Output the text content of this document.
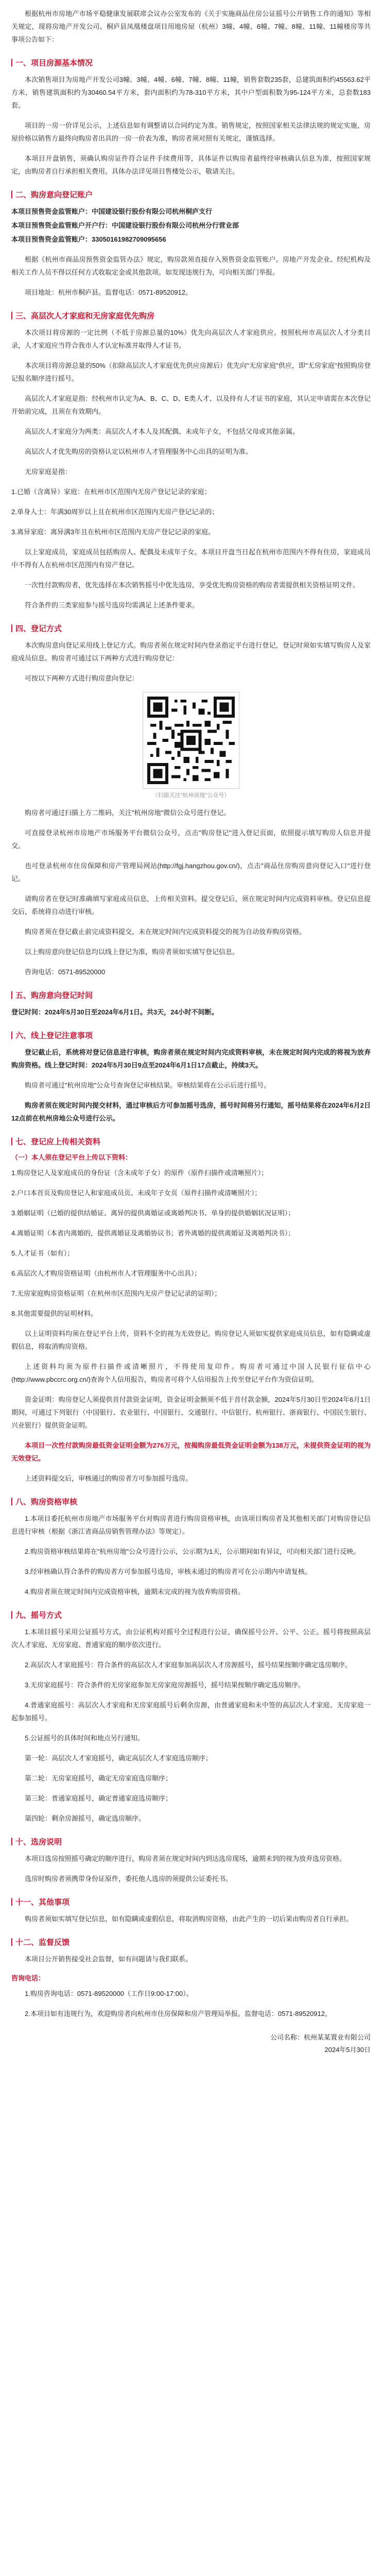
根据杭州市房地产市场平稳健康发展联席会议办公室发布的《关于实施商品住房公证摇号公开销售工作的通知》等相关规定，现将房地产开发公司、桐庐县凤凰楼盘项目用地房屋（杭州）3幢、4幢、6幢、7幢、8幢、11幢、11幢楼房等共事项公告如下：

一、项目房源基本情况

本次销售项目为房地产开发公司3幢、3幢、4幢、6幢、7幢、8幢、11幢，销售套数235套，总建筑面积约45563.62平方米，销售建筑面积约为30460.54平方米，套内面积约为78-310平方米，其中户型面积数为95-124平方米，总套数183套。

项目的一房一价详见公示，上述信息如有调整请以合同约定为准。销售规定，按照国家相关法律法规的规定实施，房屋价格以销售方最终向购房者出具的一房一价表为准，购房者须对照有关规定，谨慎选择。

本项目开盘销售，须确认购房证件符合证件手续费用等，具体证件以购房者最终经审核确认信息为准，按照国家规定，由购房者自行承担相关费用。具体办法详见项目售楼处公示，敬请关注。

二、购房意向登记账户

本项目预售资金监管账户：中国建设银行股份有限公司杭州桐庐支行

本项目预售资金监管账户开户行：中国建设银行股份有限公司杭州分行营业部

本项目预售资金监管账户：33050161982709095656

根据《杭州市商品房预售资金监管办法》规定，购房款须直接存入预售资金监管账户。房地产开发企业、经纪机构及相关工作人员不得以任何方式收取定金或其他款项。如发现违规行为，可向相关部门举报。

项目地址：杭州市桐庐县。监督电话：0571-89520912。

三、高层次人才家庭和无房家庭优先购房

本次项目将房源的一定比例（不低于房源总量的10%）优先向高层次人才家庭供应。按照杭州市高层次人才分类目录，人才家庭应当符合我市人才认定标准并取得人才证书。

本次项目将房源总量的50%（扣除高层次人才家庭优先供应房源后）优先向"无房家庭"供应，即"无房家庭"按照购房登记报名顺序进行摇号。

高层次人才家庭是指：经杭州市认定为A、B、C、D、E类人才、以及持有人才证书的家庭，其认定申请需在本次登记开始前完成，且须在有效期内。

高层次人才家庭分为两类：高层次人才本人及其配偶、未成年子女，不包括父母或其他亲属。

高层次人才优先购房的资格认定以杭州市人才管理服务中心出具的证明为准。

无房家庭是指：

1.已婚（含离异）家庭：在杭州市区范围内无房产登记记录的家庭；

2.单身人士：年满30周岁以上且在杭州市区范围内无房产登记记录的；

3.离异家庭：离异满3年且在杭州市区范围内无房产登记记录的家庭。

以上家庭成员，家庭成员包括购房人、配偶及未成年子女。本项目开盘当日起在杭州市范围内不得有住房，家庭成员中不得有人在杭州市区范围内有房产登记。

一次性付款购房者，优先选择在本次销售摇号中优先选房，享受优先购房资格的购房者需提供相关资格证明文件。

符合条件的三类家庭参与摇号选房均需满足上述条件要求。

四、登记方式

本次购房意向登记采用线上登记方式。购房者须在规定时间内登录指定平台进行登记，登记时须如实填写购房人及家庭成员信息。购房者可通过以下两种方式进行购房登记：

可按以下两种方式进行购房意向登记：

（扫描关注"杭州房地"公众号）

购房者可通过扫描上方二维码，关注"杭州房地"微信公众号进行登记。

可直接登录杭州市房地产市场服务平台微信公众号，点击"购房登记"进入登记页面，依照提示填写购房人信息并提交。

也可登录杭州市住房保障和房产管理局网站(http://fgj.hangzhou.gov.cn/)，点击"商品住房购房意向登记入口"进行登记。

请购房者在登记时准确填写家庭成员信息，上传相关资料。提交登记后，须在规定时间内完成资料审核。登记信息提交后，系统将自动进行审核。

购房者须在登记截止前完成资料提交，未在规定时间内完成资料提交的视为自动放弃购房资格。

以上购房意向登记信息均以线上登记为准，购房者须如实填写登记信息。

咨询电话：0571-89520000

五、购房意向登记时间

登记时间：2024年5月30日至2024年6月1日。共3天，24小时不间断。

六、线上登记注意事项

登记截止后，系统将对登记信息进行审核，购房者须在规定时间内完成资料审核，未在规定时间内完成的将视为放弃购房资格。线上登记时间：2024年5月30日9点至2024年6月1日17点截止，持续3天。

购房者可通过"杭州房地"公众号查询登记审核结果。审核结果将在公示后进行摇号。

购房者须在规定时间内提交材料，通过审核后方可参加摇号选房，摇号时间将另行通知，摇号结果将在2024年6月2日12点前在杭州房地公众号进行公示。

七、登记应上传相关资料
（一）本人须在登记平台上传以下资料：

1.购房登记人及家庭成员的身份证（含未成年子女）的原件（原件扫描件或清晰照片）；

2.户口本首页及购房登记人和家庭成员页、未成年子女页（原件扫描件或清晰照片）；

3.婚姻证明（已婚的提供结婚证、离异的提供离婚证或离婚判决书、单身的提供婚姻状况证明）；

4.离婚证明（本省内离婚的，提供离婚证及离婚协议书；省外离婚的提供离婚证及离婚判决书）；

5.人才证书（如有）；

6.高层次人才购房资格证明（由杭州市人才管理服务中心出具）；

7.无房家庭购房资格证明（在杭州市区范围内无房产登记记录的证明）；

8.其他需要提供的证明材料。

以上证明资料均须在登记平台上传，资料不全的视为无效登记。购房登记人须如实提供家庭成员信息，如有隐瞒或虚假信息，将取消购房资格。

上述资料均须为原件扫描件或清晰照片，不得使用复印件。购房者可通过中国人民银行征信中心(http://www.pbccrc.org.cn/)查询个人信用报告，购房者可将个人信用报告上传至登记平台作为资信证明。

资金证明：购房登记人须提供首付款资金证明，资金证明金额须不低于首付款金额，2024年5月30日至2024年6月1日期间，可通过下列银行（中国银行、农业银行、中国银行、交通银行、中信银行、杭州银行、浙商银行、中国民生银行、兴业银行）提供资金证明。

本项目一次性付款购房最低资金证明金额为276万元，按揭购房最低资金证明金额为138万元，未提供资金证明的视为无效登记。

上述资料提交后，审核通过的购房者方可参加摇号选房。

八、购房资格审核

1.本项目委托杭州市房地产市场服务平台对购房者进行购房资格审核，由该项目购房者及其他相关部门对购房登记信息进行审核（根据《浙江省商品房销售管理办法》等规定）。

2.购房资格审核结果将在"杭州房地"公众号进行公示，公示期为1天，公示期间如有异议，可向相关部门进行反映。

3.经审核确认符合条件的购房者方可参加摇号选房，审核未通过的购房者可在公示期内申请复核。

4.购房者须在规定时间内完成资格审核，逾期未完成的视为放弃购房资格。

九、摇号方式

1.本项目摇号采用公证摇号方式，由公证机构对摇号全过程进行公证，确保摇号公开、公平、公正。摇号将按照高层次人才家庭、无房家庭、普通家庭的顺序依次进行。

2.高层次人才家庭摇号：符合条件的高层次人才家庭参加高层次人才房源摇号，摇号结果按顺序确定选房顺序。

3.无房家庭摇号：符合条件的无房家庭参加无房家庭房源摇号，摇号结果按顺序确定选房顺序。

4.普通家庭摇号：高层次人才家庭和无房家庭摇号后剩余房源，由普通家庭和未中签的高层次人才家庭、无房家庭一起参加摇号。

5.公证摇号的具体时间和地点另行通知。

第一轮：高层次人才家庭摇号，确定高层次人才家庭选房顺序；

第二轮：无房家庭摇号，确定无房家庭选房顺序；

第三轮：普通家庭摇号，确定普通家庭选房顺序；

第四轮：剩余房源摇号，确定选房顺序。

十、选房说明

本项目选房按照摇号确定的顺序进行，购房者须在规定时间内到达选房现场，逾期未到的视为放弃选房资格。

选房时购房者须携带身份证原件，委托他人选房的须提供公证委托书。

十一、其他事项

购房者须如实填写登记信息，如有隐瞒或虚假信息，将取消购房资格，由此产生的一切后果由购房者自行承担。

十二、监督反馈

本项目公开销售接受社会监督，如有问题请与我们联系。

咨询电话：

1.购房咨询电话：0571-89520000（工作日9:00-17:00）。

2.本项目如有违规行为，欢迎购房者向杭州市住房保障和房产管理局举报。监督电话：0571-89520912。

公司名称：杭州某某置业有限公司
2024年5月30日
